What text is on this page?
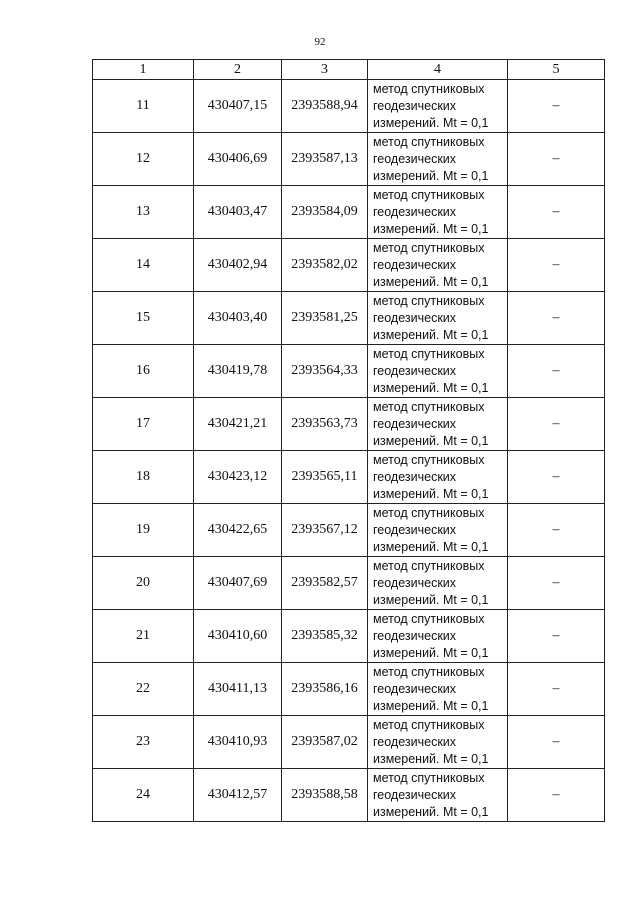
92
1	2	3	4	5
11	430407,15	2393588,94	метод спутниковых геодезических измерений. Mt = 0,1	–
12	430406,69	2393587,13	метод спутниковых геодезических измерений. Mt = 0,1	–
13	430403,47	2393584,09	метод спутниковых геодезических измерений. Mt = 0,1	–
14	430402,94	2393582,02	метод спутниковых геодезических измерений. Mt = 0,1	–
15	430403,40	2393581,25	метод спутниковых геодезических измерений. Mt = 0,1	–
16	430419,78	2393564,33	метод спутниковых геодезических измерений. Mt = 0,1	–
17	430421,21	2393563,73	метод спутниковых геодезических измерений. Mt = 0,1	–
18	430423,12	2393565,11	метод спутниковых геодезических измерений. Mt = 0,1	–
19	430422,65	2393567,12	метод спутниковых геодезических измерений. Mt = 0,1	–
20	430407,69	2393582,57	метод спутниковых геодезических измерений. Mt = 0,1	–
21	430410,60	2393585,32	метод спутниковых геодезических измерений. Mt = 0,1	–
22	430411,13	2393586,16	метод спутниковых геодезических измерений. Mt = 0,1	–
23	430410,93	2393587,02	метод спутниковых геодезических измерений. Mt = 0,1	–
24	430412,57	2393588,58	метод спутниковых геодезических измерений. Mt = 0,1	–
